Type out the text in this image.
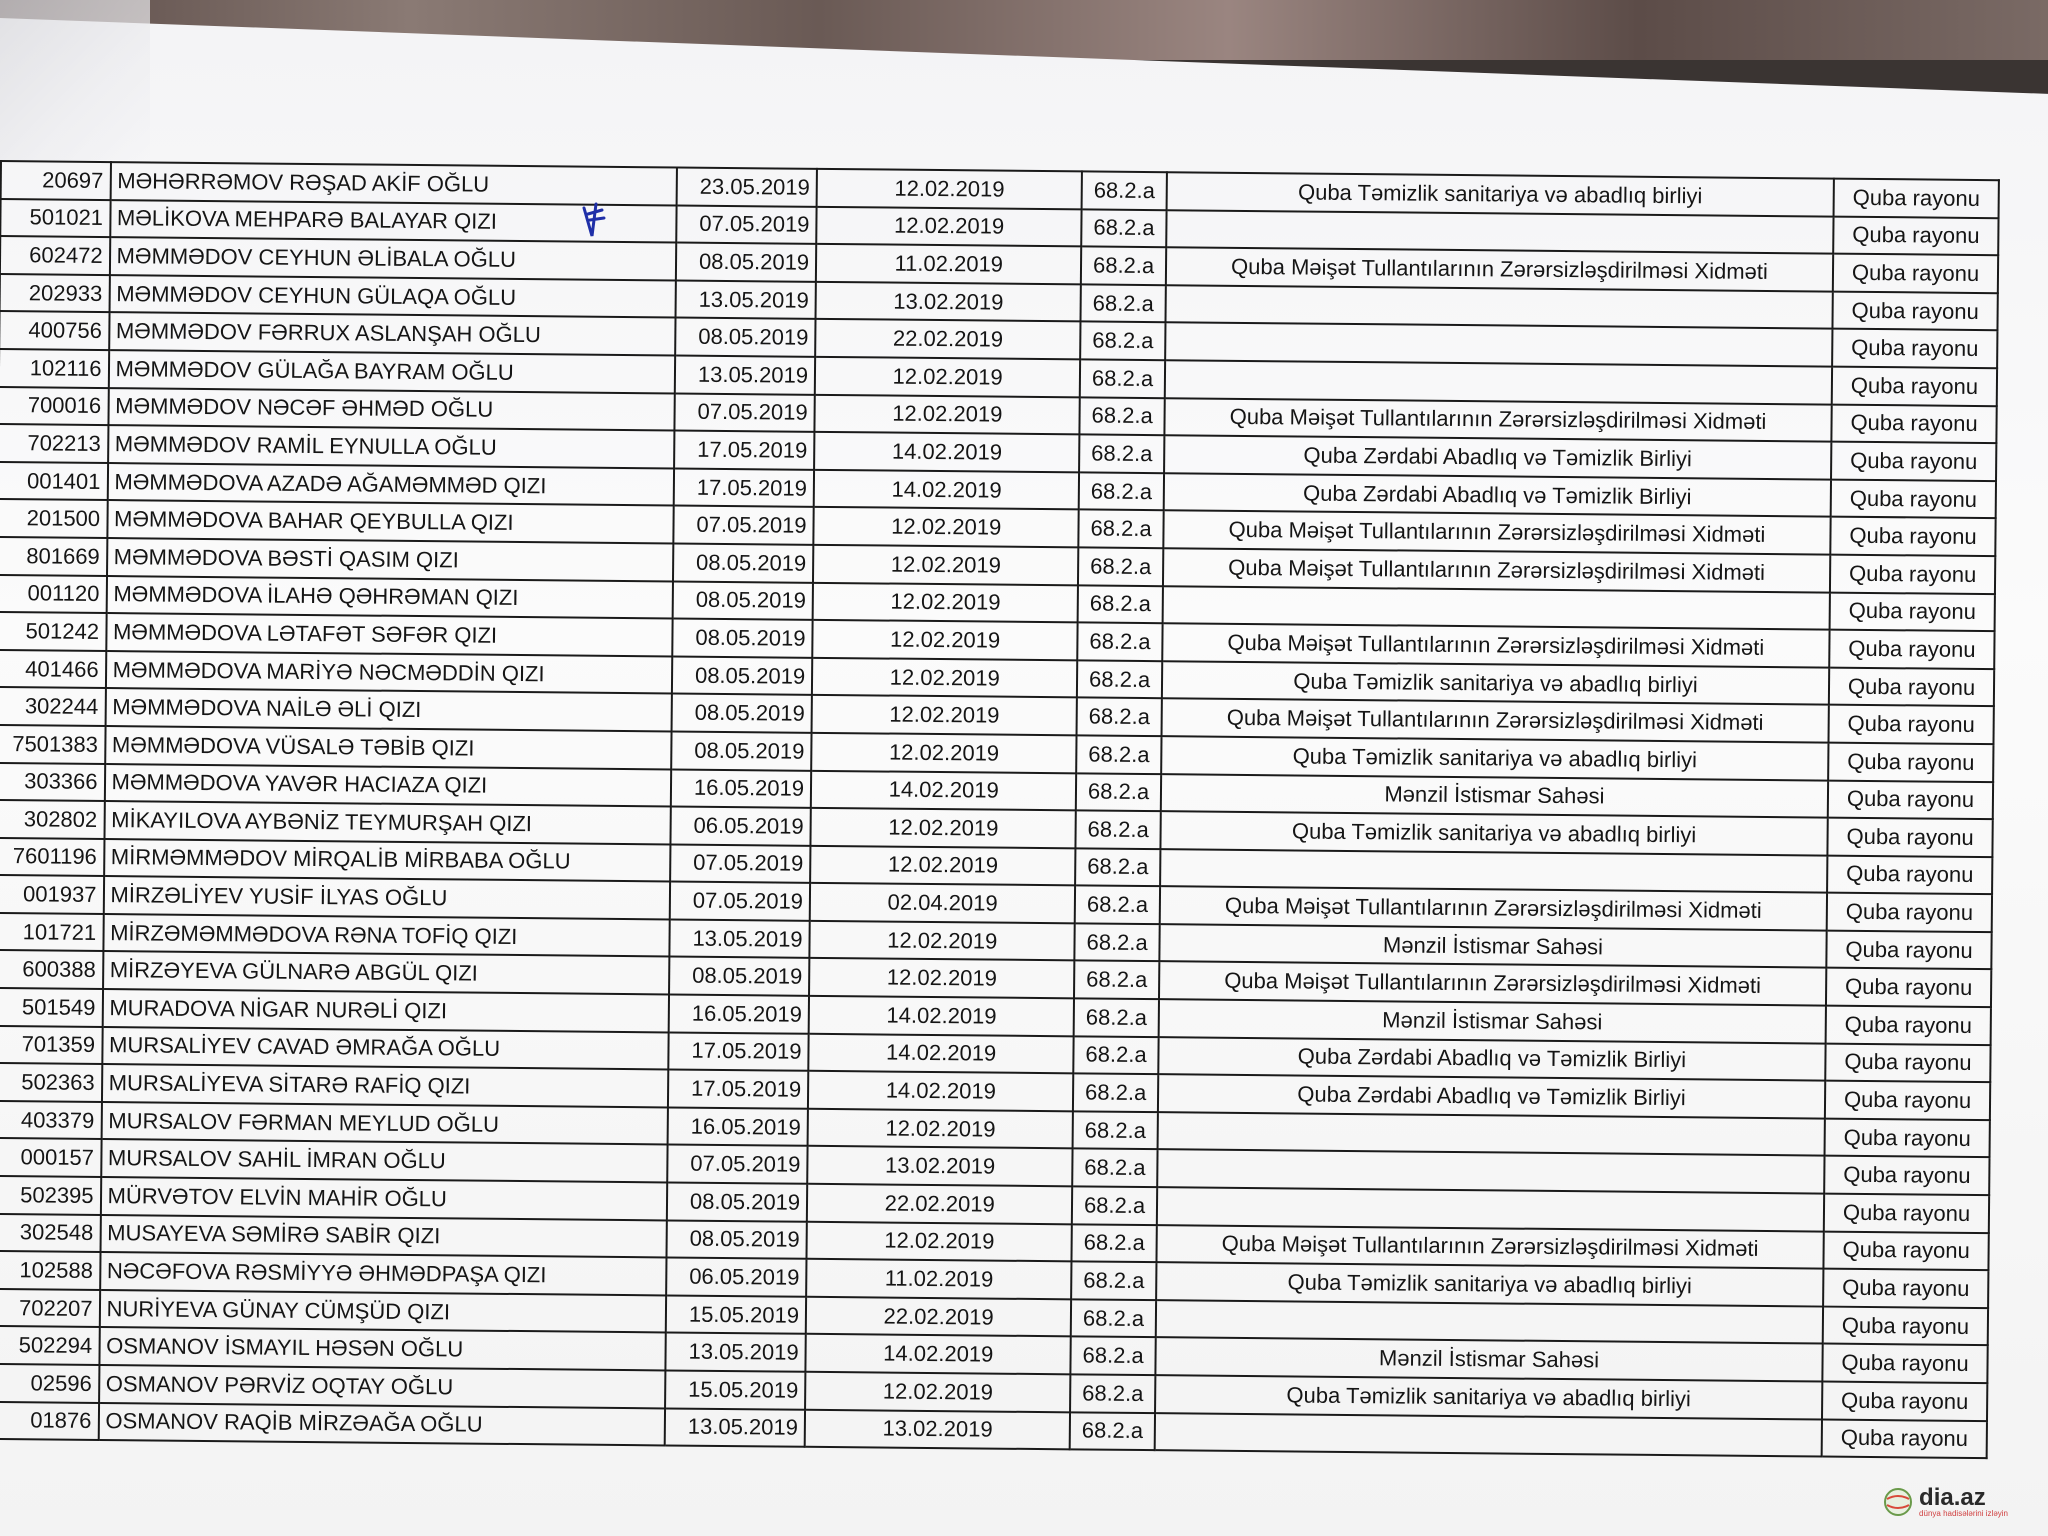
20697	MƏHƏRRƏMOV RƏŞAD AKİF OĞLU	23.05.2019	12.02.2019	68.2.a	Quba Təmizlik sanitariya və abadlıq birliyi	Quba rayonu
501021	MƏLİKOVA MEHPARƏ BALAYAR QIZI	07.05.2019	12.02.2019	68.2.a		Quba rayonu
602472	MƏMMƏDOV CEYHUN ƏLİBALA OĞLU	08.05.2019	11.02.2019	68.2.a	Quba Məişət Tullantılarının Zərərsizləşdirilməsi Xidməti	Quba rayonu
202933	MƏMMƏDOV CEYHUN GÜLAQA OĞLU	13.05.2019	13.02.2019	68.2.a		Quba rayonu
400756	MƏMMƏDOV FƏRRUX ASLANŞAH OĞLU	08.05.2019	22.02.2019	68.2.a		Quba rayonu
102116	MƏMMƏDOV GÜLAĞA BAYRAM OĞLU	13.05.2019	12.02.2019	68.2.a		Quba rayonu
700016	MƏMMƏDOV NƏCƏF ƏHMƏD OĞLU	07.05.2019	12.02.2019	68.2.a	Quba Məişət Tullantılarının Zərərsizləşdirilməsi Xidməti	Quba rayonu
702213	MƏMMƏDOV RAMİL EYNULLA OĞLU	17.05.2019	14.02.2019	68.2.a	Quba Zərdabi Abadlıq və Təmizlik Birliyi	Quba rayonu
001401	MƏMMƏDOVA AZADƏ AĞAMƏMMƏD QIZI	17.05.2019	14.02.2019	68.2.a	Quba Zərdabi Abadlıq və Təmizlik Birliyi	Quba rayonu
201500	MƏMMƏDOVA BAHAR QEYBULLA QIZI	07.05.2019	12.02.2019	68.2.a	Quba Məişət Tullantılarının Zərərsizləşdirilməsi Xidməti	Quba rayonu
801669	MƏMMƏDOVA BƏSTİ QASIM QIZI	08.05.2019	12.02.2019	68.2.a	Quba Məişət Tullantılarının Zərərsizləşdirilməsi Xidməti	Quba rayonu
001120	MƏMMƏDOVA İLAHƏ QƏHRƏMAN QIZI	08.05.2019	12.02.2019	68.2.a		Quba rayonu
501242	MƏMMƏDOVA LƏTAFƏT SƏFƏR QIZI	08.05.2019	12.02.2019	68.2.a	Quba Məişət Tullantılarının Zərərsizləşdirilməsi Xidməti	Quba rayonu
401466	MƏMMƏDOVA MARİYƏ NƏCMƏDDİN QIZI	08.05.2019	12.02.2019	68.2.a	Quba Təmizlik sanitariya və abadlıq birliyi	Quba rayonu
302244	MƏMMƏDOVA NAİLƏ ƏLİ QIZI	08.05.2019	12.02.2019	68.2.a	Quba Məişət Tullantılarının Zərərsizləşdirilməsi Xidməti	Quba rayonu
7501383	MƏMMƏDOVA VÜSALƏ TƏBİB QIZI	08.05.2019	12.02.2019	68.2.a	Quba Təmizlik sanitariya və abadlıq birliyi	Quba rayonu
303366	MƏMMƏDOVA YAVƏR HACIAZA QIZI	16.05.2019	14.02.2019	68.2.a	Mənzil İstismar Sahəsi	Quba rayonu
302802	MİKAYILOVA AYBƏNİZ TEYMURŞAH QIZI	06.05.2019	12.02.2019	68.2.a	Quba Təmizlik sanitariya və abadlıq birliyi	Quba rayonu
7601196	MİRMƏMMƏDOV MİRQALİB MİRBABA OĞLU	07.05.2019	12.02.2019	68.2.a		Quba rayonu
001937	MİRZƏLİYEV YUSİF İLYAS OĞLU	07.05.2019	02.04.2019	68.2.a	Quba Məişət Tullantılarının Zərərsizləşdirilməsi Xidməti	Quba rayonu
101721	MİRZƏMƏMMƏDOVA RƏNA TOFİQ QIZI	13.05.2019	12.02.2019	68.2.a	Mənzil İstismar Sahəsi	Quba rayonu
600388	MİRZƏYEVA GÜLNARƏ ABGÜL QIZI	08.05.2019	12.02.2019	68.2.a	Quba Məişət Tullantılarının Zərərsizləşdirilməsi Xidməti	Quba rayonu
501549	MURADOVA NİGAR NURƏLİ QIZI	16.05.2019	14.02.2019	68.2.a	Mənzil İstismar Sahəsi	Quba rayonu
701359	MURSALİYEV CAVAD ƏMRAĞA OĞLU	17.05.2019	14.02.2019	68.2.a	Quba Zərdabi Abadlıq və Təmizlik Birliyi	Quba rayonu
502363	MURSALİYEVA SİTARƏ RAFİQ QIZI	17.05.2019	14.02.2019	68.2.a	Quba Zərdabi Abadlıq və Təmizlik Birliyi	Quba rayonu
403379	MURSALOV FƏRMAN MEYLUD OĞLU	16.05.2019	12.02.2019	68.2.a		Quba rayonu
000157	MURSALOV SAHİL İMRAN OĞLU	07.05.2019	13.02.2019	68.2.a		Quba rayonu
502395	MÜRVƏTOV ELVİN MAHİR OĞLU	08.05.2019	22.02.2019	68.2.a		Quba rayonu
302548	MUSAYEVA SƏMİRƏ SABİR QIZI	08.05.2019	12.02.2019	68.2.a	Quba Məişət Tullantılarının Zərərsizləşdirilməsi Xidməti	Quba rayonu
102588	NƏCƏFOVA RƏSMİYYƏ ƏHMƏDPAŞA QIZI	06.05.2019	11.02.2019	68.2.a	Quba Təmizlik sanitariya və abadlıq birliyi	Quba rayonu
702207	NURİYEVA GÜNAY CÜMŞÜD QIZI	15.05.2019	22.02.2019	68.2.a		Quba rayonu
502294	OSMANOV İSMAYIL HƏSƏN OĞLU	13.05.2019	14.02.2019	68.2.a	Mənzil İstismar Sahəsi	Quba rayonu
02596	OSMANOV PƏRVİZ OQTAY OĞLU	15.05.2019	12.02.2019	68.2.a	Quba Təmizlik sanitariya və abadlıq birliyi	Quba rayonu
01876	OSMANOV RAQİB MİRZƏAĞA OĞLU	13.05.2019	13.02.2019	68.2.a		Quba rayonu
dia.az
dünya hadisələrini izləyin
